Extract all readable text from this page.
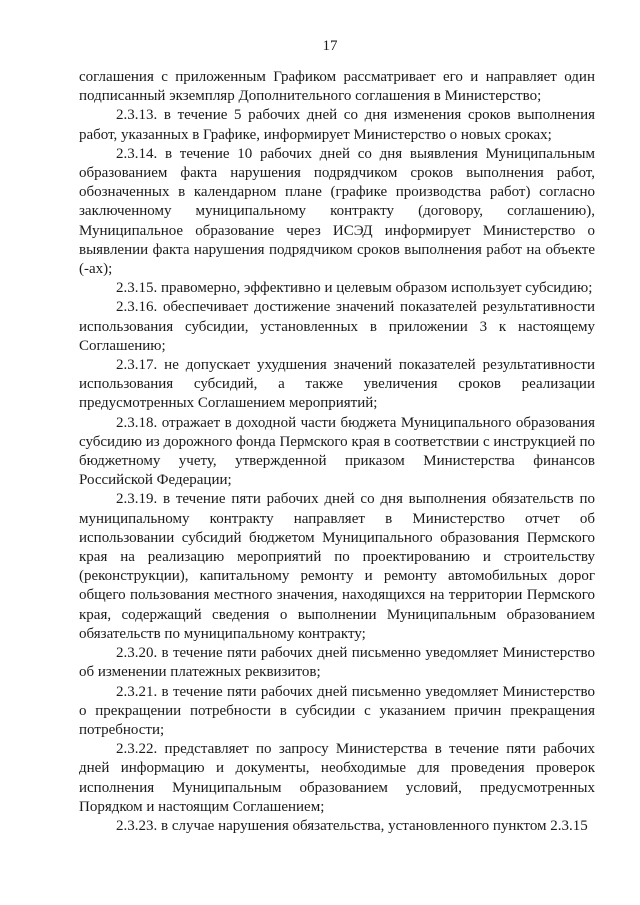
17

соглашения с приложенным Графиком рассматривает его и направляет один подписанный экземпляр Дополнительного соглашения в Министерство;

2.3.13. в течение 5 рабочих дней со дня изменения сроков выполнения работ, указанных в Графике, информирует Министерство о новых сроках;

2.3.14. в течение 10 рабочих дней со дня выявления Муниципальным образованием факта нарушения подрядчиком сроков выполнения работ, обозначенных в календарном плане (графике производства работ) согласно заключенному муниципальному контракту (договору, соглашению), Муниципальное образование через ИСЭД информирует Министерство о выявлении факта нарушения подрядчиком сроков выполнения работ на объекте (-ах);

2.3.15. правомерно, эффективно и целевым образом использует субсидию;

2.3.16. обеспечивает достижение значений показателей результативности использования субсидии, установленных в приложении 3 к настоящему Соглашению;

2.3.17. не допускает ухудшения значений показателей результативности использования субсидий, а также увеличения сроков реализации предусмотренных Соглашением мероприятий;

2.3.18. отражает в доходной части бюджета Муниципального образования субсидию из дорожного фонда Пермского края в соответствии с инструкцией по бюджетному учету, утвержденной приказом Министерства финансов Российской Федерации;

2.3.19. в течение пяти рабочих дней со дня выполнения обязательств по муниципальному контракту направляет в Министерство отчет об использовании субсидий бюджетом Муниципального образования Пермского края на реализацию мероприятий по проектированию и строительству (реконструкции), капитальному ремонту и ремонту автомобильных дорог общего пользования местного значения, находящихся на территории Пермского края, содержащий сведения о выполнении Муниципальным образованием обязательств по муниципальному контракту;

2.3.20. в течение пяти рабочих дней письменно уведомляет Министерство об изменении платежных реквизитов;

2.3.21. в течение пяти рабочих дней письменно уведомляет Министерство о прекращении потребности в субсидии с указанием причин прекращения потребности;

2.3.22. представляет по запросу Министерства в течение пяти рабочих дней информацию и документы, необходимые для проведения проверок исполнения Муниципальным образованием условий, предусмотренных Порядком и настоящим Соглашением;

2.3.23. в случае нарушения обязательства, установленного пунктом 2.3.15
